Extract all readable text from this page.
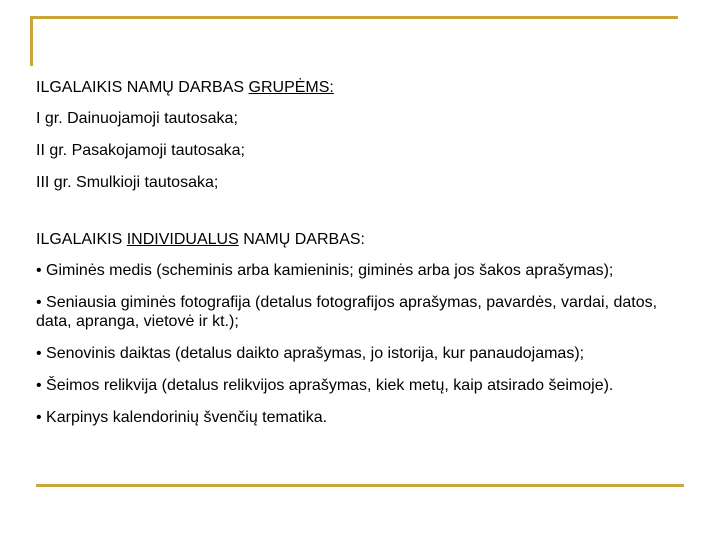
ILGALAIKIS NAMŲ DARBAS GRUPĖMS:

I gr. Dainuojamoji tautosaka;

II gr. Pasakojamoji tautosaka;

III gr. Smulkioji tautosaka;

ILGALAIKIS INDIVIDUALUS NAMŲ DARBAS:

• Giminės medis (scheminis arba kamieninis; giminės arba jos šakos aprašymas);

• Seniausia giminės fotografija (detalus fotografijos aprašymas, pavardės, vardai, datos, data, apranga, vietovė ir kt.);

• Senovinis daiktas (detalus daikto aprašymas, jo istorija, kur panaudojamas);

• Šeimos relikvija (detalus relikvijos aprašymas, kiek metų, kaip atsirado šeimoje).

• Karpinys kalendorinių švenčių tematika.
